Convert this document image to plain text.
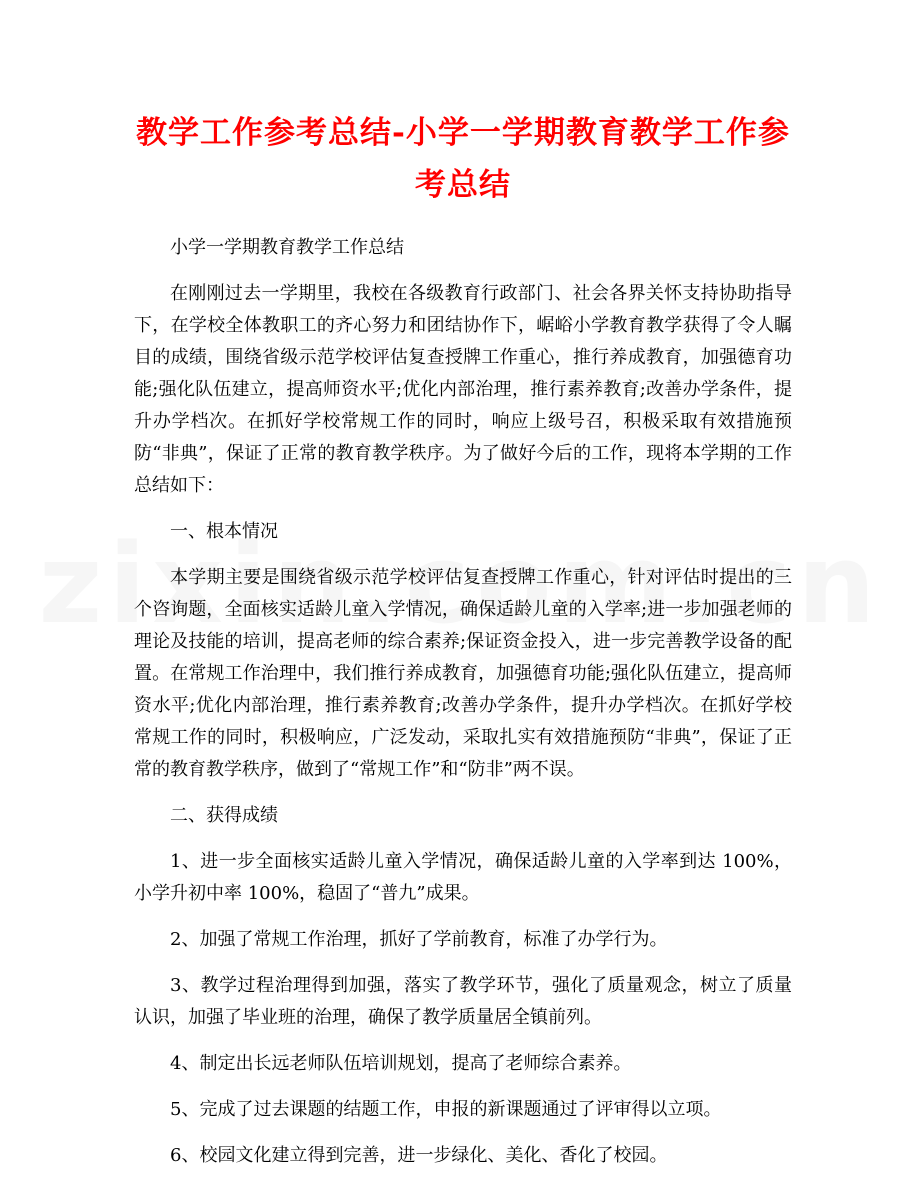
教学工作参考总结-小学一学期教育教学工作参考总结

小学一学期教育教学工作总结

在刚刚过去一学期里，我校在各级教育行政部门、社会各界关怀支持协助指导下，在学校全体教职工的齐心努力和团结协作下，崌峪小学教育教学获得了令人瞩目的成绩，围绕省级示范学校评估复查授牌工作重心，推行养成教育，加强德育功能;强化队伍建立，提高师资水平;优化内部治理，推行素养教育;改善办学条件，提升办学档次。在抓好学校常规工作的同时，响应上级号召，积极采取有效措施预防“非典”，保证了正常的教育教学秩序。为了做好今后的工作，现将本学期的工作总结如下：

一、根本情况

本学期主要是围绕省级示范学校评估复查授牌工作重心，针对评估时提出的三个咨询题，全面核实适龄儿童入学情况，确保适龄儿童的入学率;进一步加强老师的理论及技能的培训，提高老师的综合素养;保证资金投入，进一步完善教学设备的配置。在常规工作治理中，我们推行养成教育，加强德育功能;强化队伍建立，提高师资水平;优化内部治理，推行素养教育;改善办学条件，提升办学档次。在抓好学校常规工作的同时，积极响应，广泛发动，采取扎实有效措施预防“非典”，保证了正常的教育教学秩序，做到了“常规工作”和“防非”两不误。

二、获得成绩

1、进一步全面核实适龄儿童入学情况，确保适龄儿童的入学率到达 100%，小学升初中率 100%，稳固了“普九”成果。

2、加强了常规工作治理，抓好了学前教育，标准了办学行为。

3、教学过程治理得到加强，落实了教学环节，强化了质量观念，树立了质量认识，加强了毕业班的治理，确保了教学质量居全镇前列。

4、制定出长远老师队伍培训规划，提高了老师综合素养。

5、完成了过去课题的结题工作，申报的新课题通过了评审得以立项。

6、校园文化建立得到完善，进一步绿化、美化、香化了校园。
